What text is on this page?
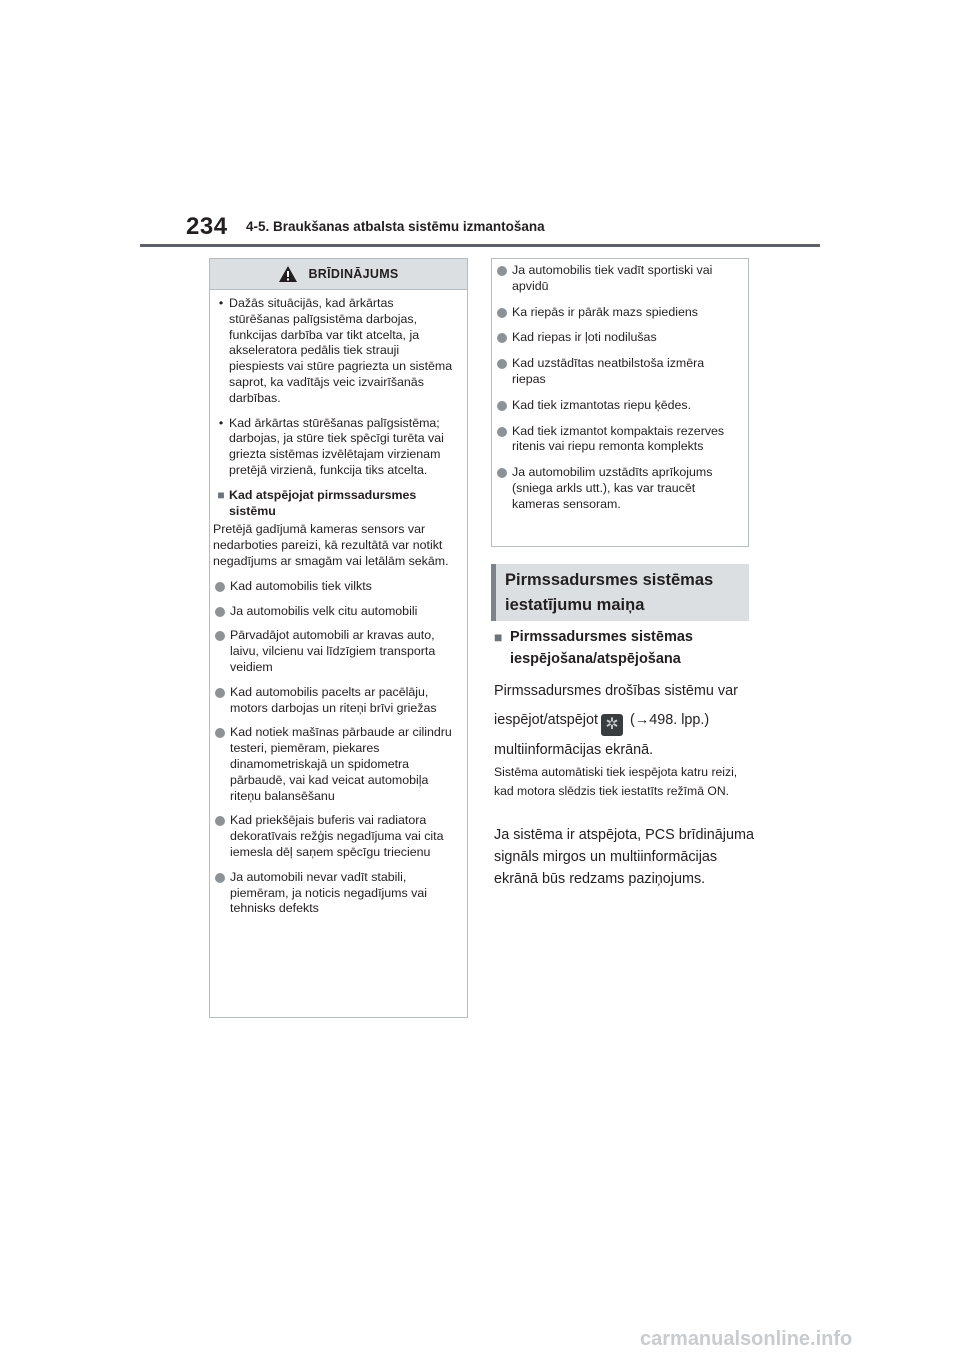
234 4-5. Braukšanas atbalsta sistēmu izmantošana
BRĪDINĀJUMS
• Dažās situācijās, kad ārkārtas stūrēšanas palīgsistēma darbojas, funkcijas darbība var tikt atcelta, ja akseleratora pedālis tiek strauji piespiests vai stūre pagriezta un sistēma saprot, ka vadītājs veic izvairīšanās darbības.
• Kad ārkārtas stūrēšanas palīgsistēma; darbojas, ja stūre tiek spēcīgi turēta vai griezta sistēmas izvēlētajam virzienam pretējā virzienā, funkcija tiks atcelta.
■ Kad atspējojat pirmssadursmes sistēmu
Pretējā gadījumā kameras sensors var nedarboties pareizi, kā rezultātā var notikt negadījums ar smagām vai letālām sekām.
Kad automobilis tiek vilkts
Ja automobilis velk citu automobili
Pārvadājot automobili ar kravas auto, laivu, vilcienu vai līdzīgiem transporta veidiem
Kad automobilis pacelts ar pacēlāju, motors darbojas un riteņi brīvi griežas
Kad notiek mašīnas pārbaude ar cilindru testeri, piemēram, piekares dinamometriskajā un spidometra pārbaudē, vai kad veicat automobiļa riteņu balansēšanu
Kad priekšējais buferis vai radiatora dekoratīvais režģis negadījuma vai cita iemesla dēļ saņem spēcīgu triecienu
Ja automobili nevar vadīt stabili, piemēram, ja noticis negadījums vai tehnisks defekts
Ja automobilis tiek vadīt sportiski vai apvidū
Ka riepās ir pārāk mazs spiediens
Kad riepas ir ļoti nodilušas
Kad uzstādītas neatbilstoša izmēra riepas
Kad tiek izmantotas riepu ķēdes.
Kad tiek izmantot kompaktais rezerves ritenis vai riepu remonta komplekts
Ja automobilim uzstādīts aprīkojums (sniega arkls utt.), kas var traucēt kameras sensoram.
Pirmssadursmes sistēmas iestatījumu maiņa
■ Pirmssadursmes sistēmas iespējošana/atspējošana
Pirmssadursmes drošības sistēmu var iespējot/atspējot ✲ (→498. lpp.) multiinformācijas ekrānā.
Sistēma automātiski tiek iespējota katru reizi, kad motora slēdzis tiek iestatīts režīmā ON.
Ja sistēma ir atspējota, PCS brīdinājuma signāls mirgos un multiinformācijas ekrānā būs redzams paziņojums.
carmanualsonline.info
